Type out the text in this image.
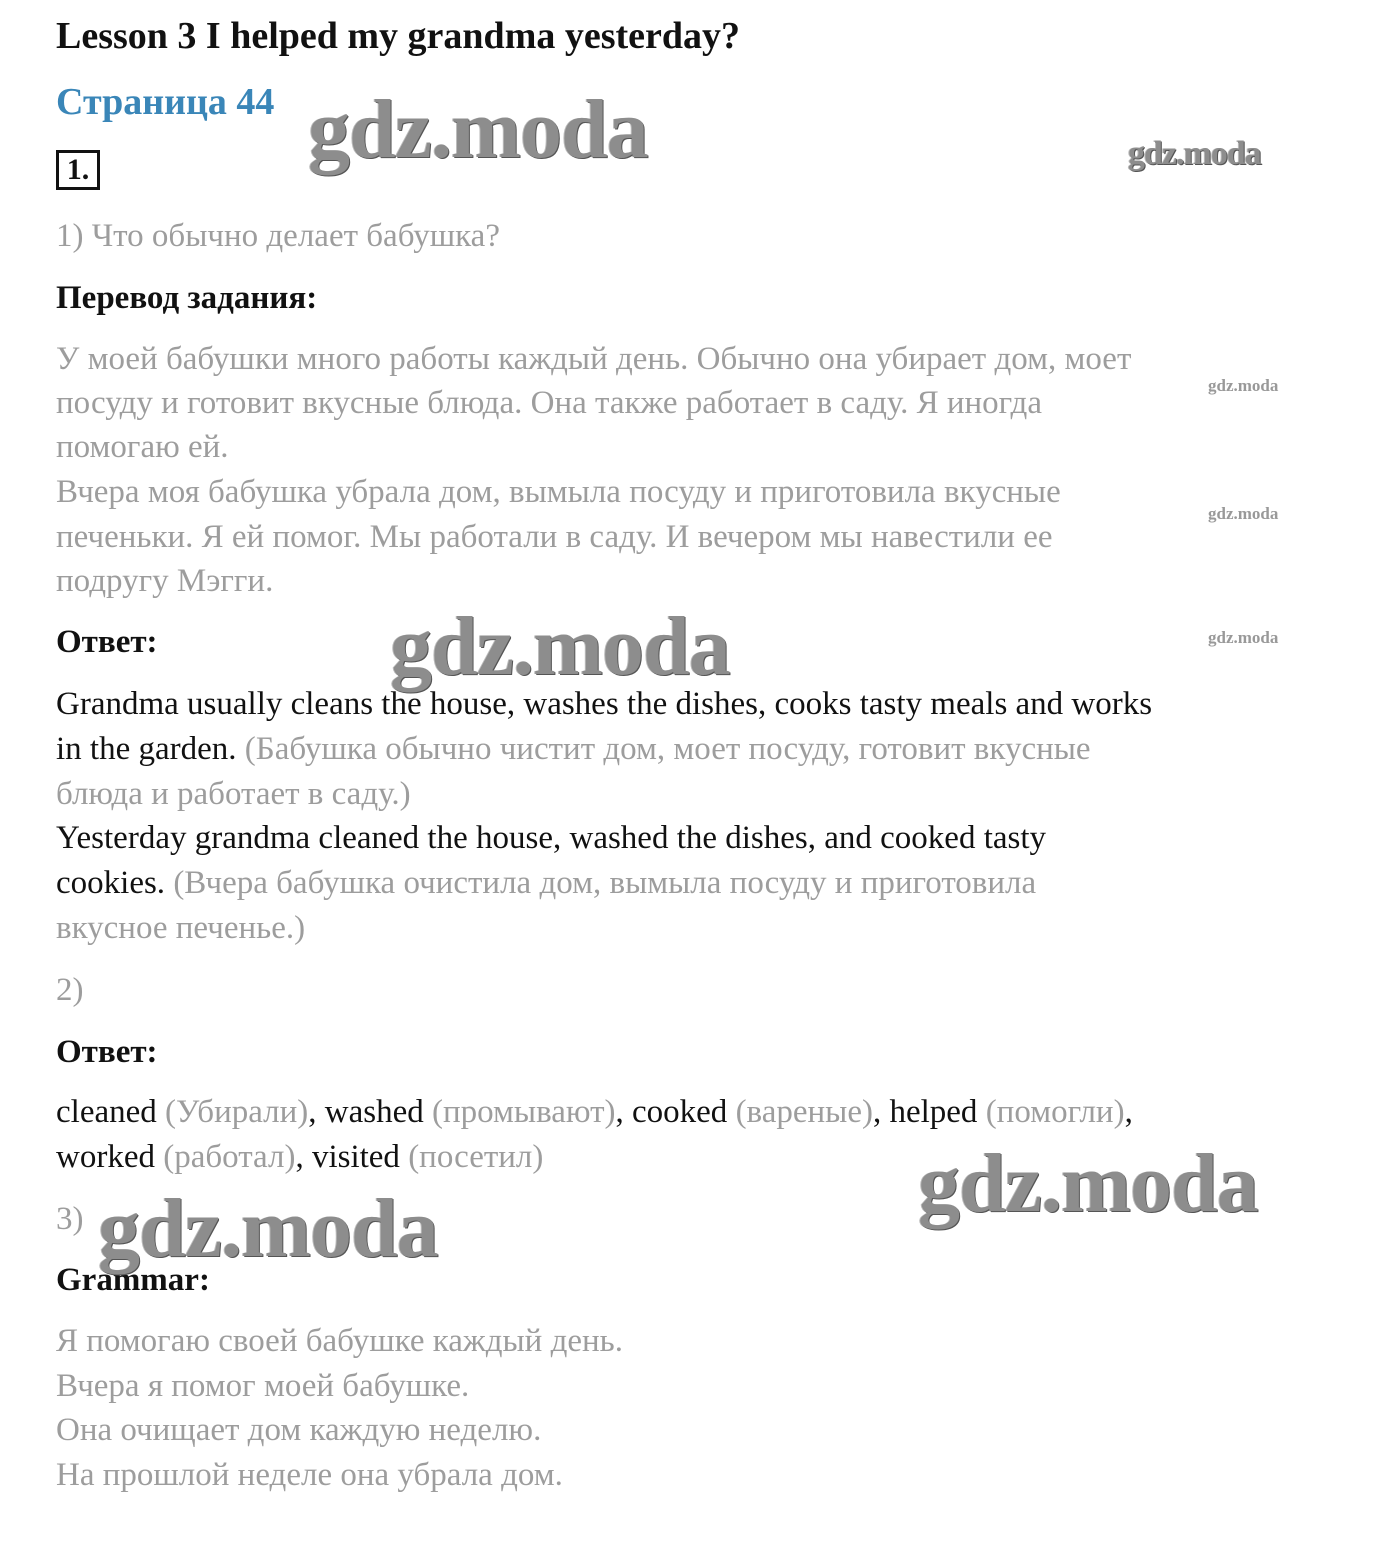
Lesson 3 I helped my grandma yesterday?
Страница 44
1.
1) Что обычно делает бабушка?
Перевод задания:
У моей бабушки много работы каждый день. Обычно она убирает дом, моет
посуду и готовит вкусные блюда. Она также работает в саду. Я иногда
помогаю ей.
Вчера моя бабушка убрала дом, вымыла посуду и приготовила вкусные
печеньки. Я ей помог. Мы работали в саду. И вечером мы навестили ее
подругу Мэгги.
Ответ:
Grandma usually cleans the house, washes the dishes, cooks tasty meals and works
in the garden. (Бабушка обычно чистит дом, моет посуду, готовит вкусные
блюда и работает в саду.)
Yesterday grandma cleaned the house, washed the dishes, and cooked tasty
cookies. (Вчера бабушка очистила дом, вымыла посуду и приготовила
вкусное печенье.)
2)
Ответ:
cleaned (Убирали), washed (промывают), cooked (вареные), helped (помогли),
worked (работал), visited (посетил)
3)
Grammar:
Я помогаю своей бабушке каждый день.
Вчера я помог моей бабушке.
Она очищает дом каждую неделю.
На прошлой неделе она убрала дом.
gdz.moda	gdz.moda
gdz.moda
gdz.moda
gdz.moda	gdz.moda
gdz.moda
gdz.moda
